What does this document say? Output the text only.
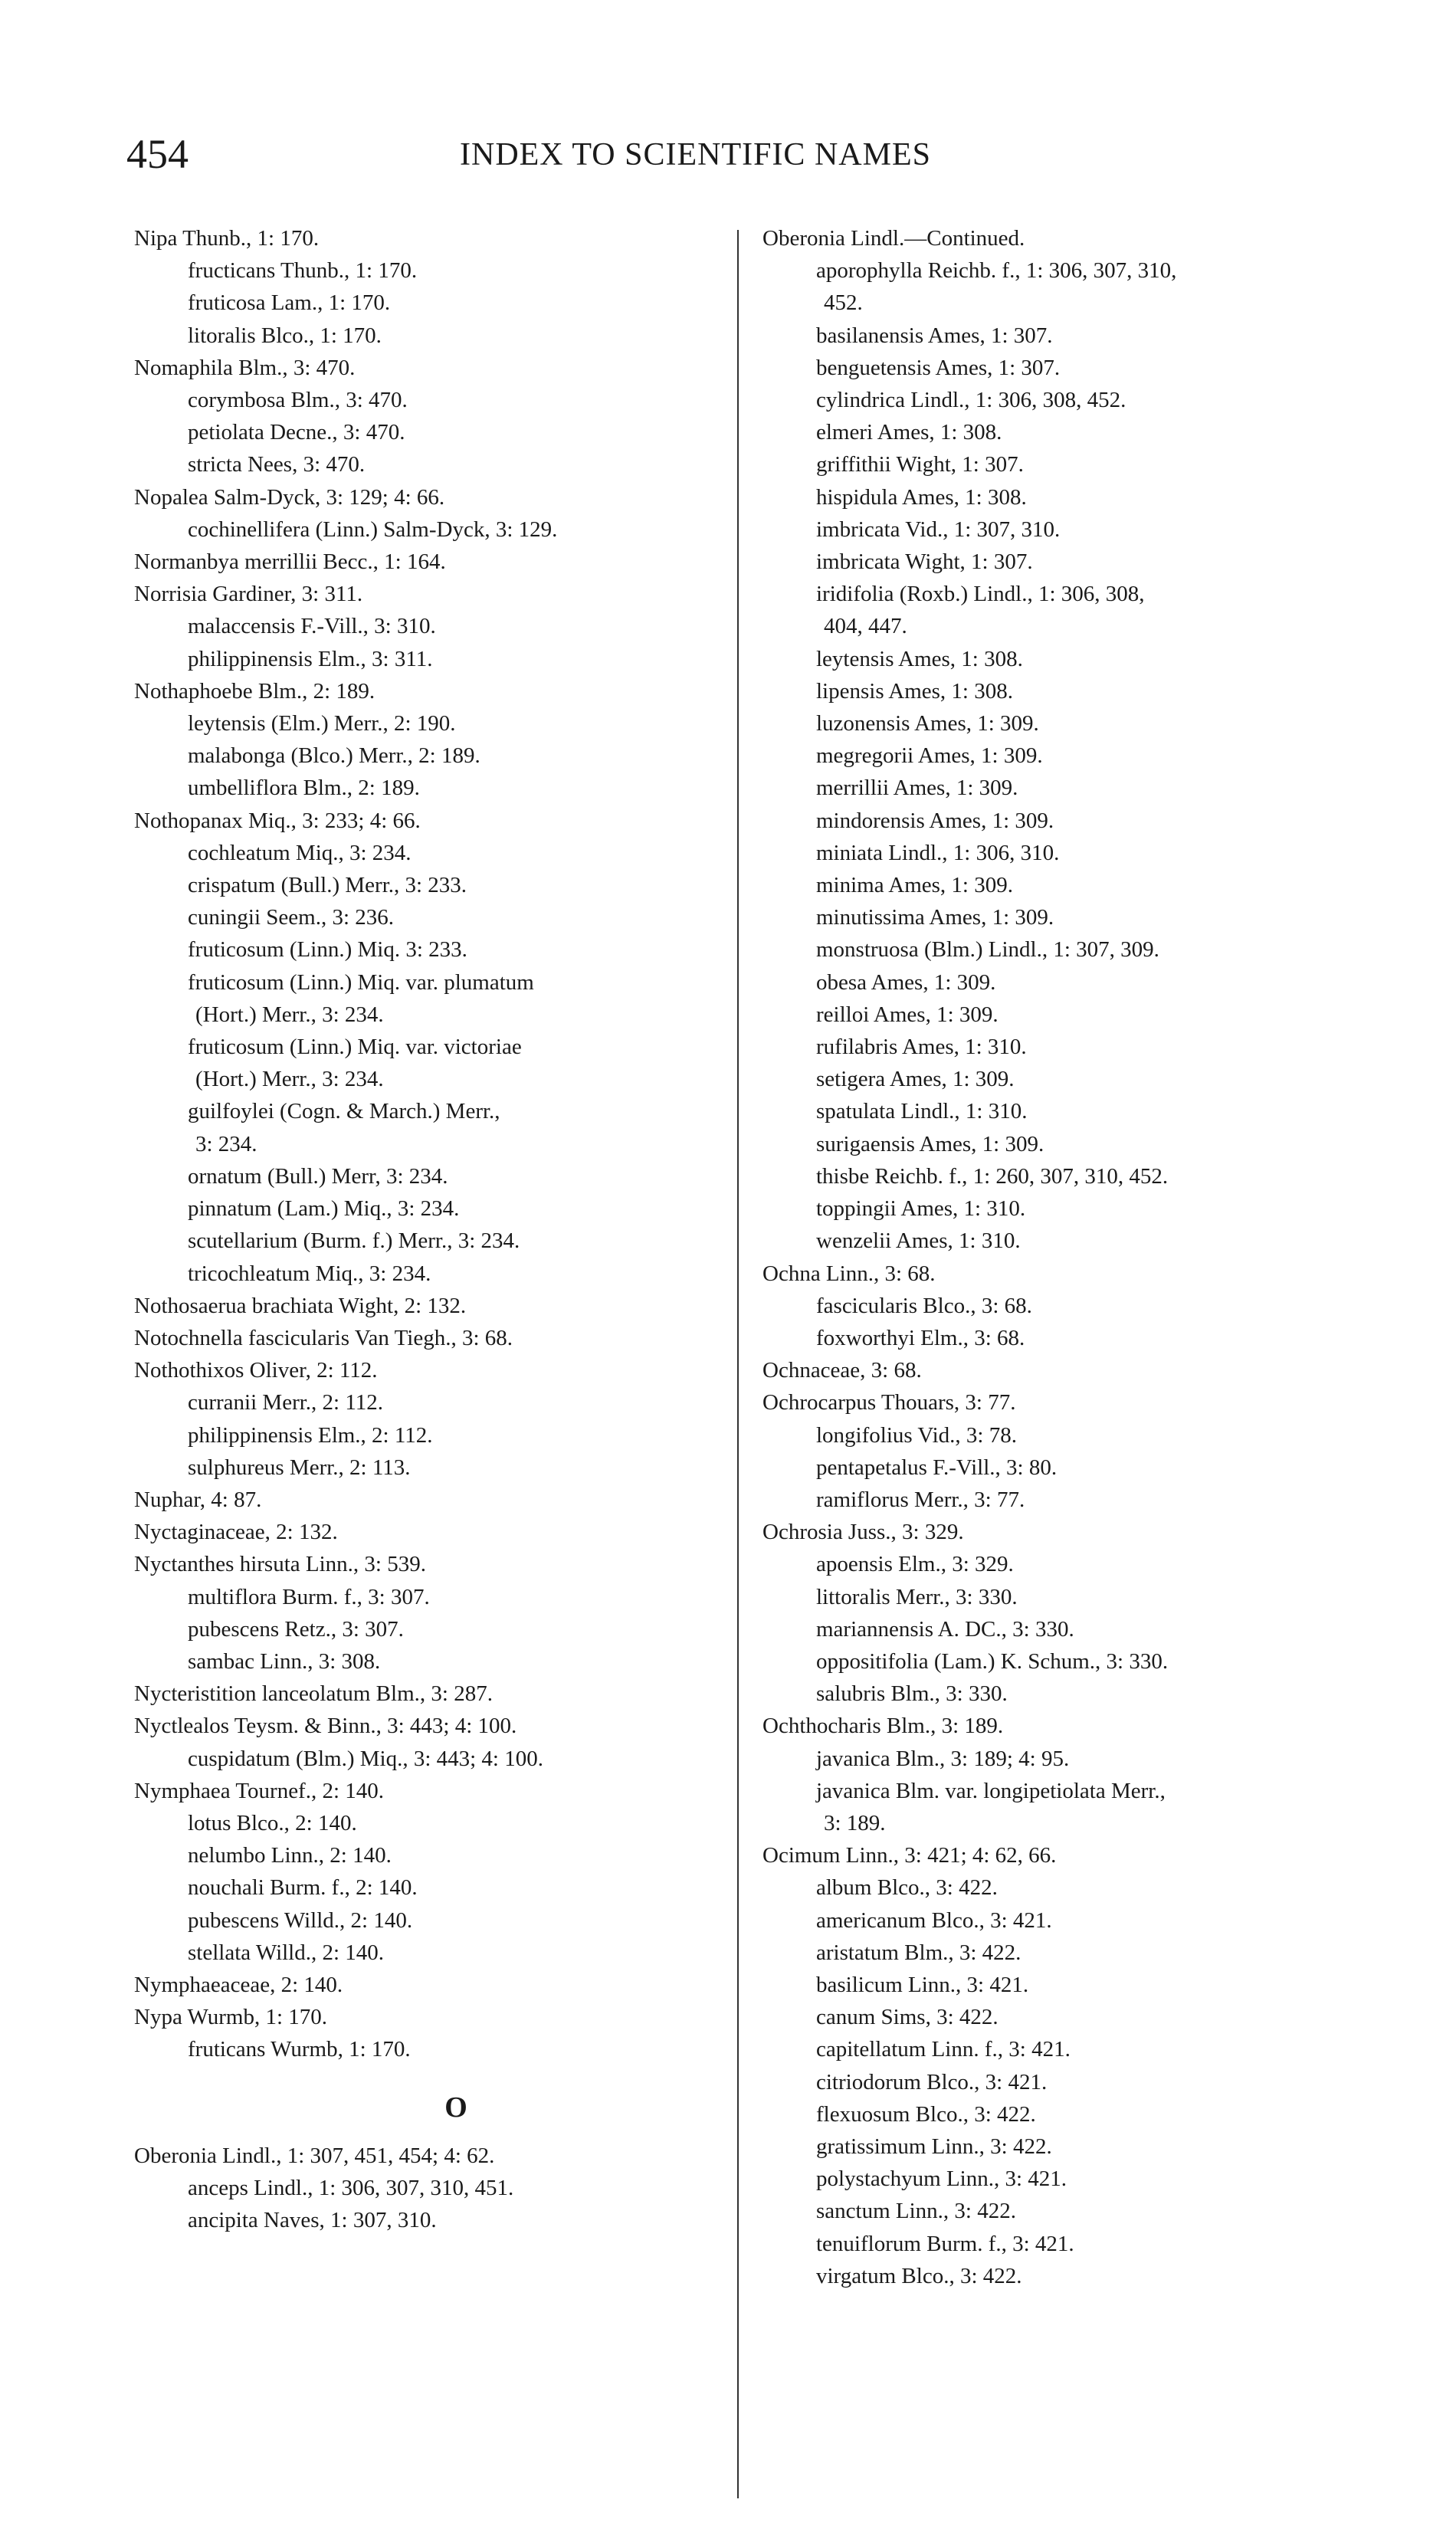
454	INDEX TO SCIENTIFIC NAMES
Nipa Thunb., 1: 170.
fructicans Thunb., 1: 170.
fruticosa Lam., 1: 170.
litoralis Blco., 1: 170.
Nomaphila Blm., 3: 470.
corymbosa Blm., 3: 470.
petiolata Decne., 3: 470.
stricta Nees, 3: 470.
Nopalea Salm-Dyck, 3: 129; 4: 66.
cochinellifera (Linn.) Salm-Dyck, 3: 129.
Normanbya merrillii Becc., 1: 164.
Norrisia Gardiner, 3: 311.
malaccensis F.-Vill., 3: 310.
philippinensis Elm., 3: 311.
Nothaphoebe Blm., 2: 189.
leytensis (Elm.) Merr., 2: 190.
malabonga (Blco.) Merr., 2: 189.
umbelliflora Blm., 2: 189.
Nothopanax Miq., 3: 233; 4: 66.
cochleatum Miq., 3: 234.
crispatum (Bull.) Merr., 3: 233.
cuningii Seem., 3: 236.
fruticosum (Linn.) Miq. 3: 233.
fruticosum (Linn.) Miq. var. plumatum
(Hort.) Merr., 3: 234.
fruticosum (Linn.) Miq. var. victoriae
(Hort.) Merr., 3: 234.
guilfoylei (Cogn. & March.) Merr.,
3: 234.
ornatum (Bull.) Merr, 3: 234.
pinnatum (Lam.) Miq., 3: 234.
scutellarium (Burm. f.) Merr., 3: 234.
tricochleatum Miq., 3: 234.
Nothosaerua brachiata Wight, 2: 132.
Notochnella fascicularis Van Tiegh., 3: 68.
Nothothixos Oliver, 2: 112.
curranii Merr., 2: 112.
philippinensis Elm., 2: 112.
sulphureus Merr., 2: 113.
Nuphar, 4: 87.
Nyctaginaceae, 2: 132.
Nyctanthes hirsuta Linn., 3: 539.
multiflora Burm. f., 3: 307.
pubescens Retz., 3: 307.
sambac Linn., 3: 308.
Nycteristition lanceolatum Blm., 3: 287.
Nyctlealos Teysm. & Binn., 3: 443; 4: 100.
cuspidatum (Blm.) Miq., 3: 443; 4: 100.
Nymphaea Tournef., 2: 140.
lotus Blco., 2: 140.
nelumbo Linn., 2: 140.
nouchali Burm. f., 2: 140.
pubescens Willd., 2: 140.
stellata Willd., 2: 140.
Nymphaeaceae, 2: 140.
Nypa Wurmb, 1: 170.
fruticans Wurmb, 1: 170.
O
Oberonia Lindl., 1: 307, 451, 454; 4: 62.
anceps Lindl., 1: 306, 307, 310, 451.
ancipita Naves, 1: 307, 310.
Oberonia Lindl.—Continued.
aporophylla Reichb. f., 1: 306, 307, 310,
452.
basilanensis Ames, 1: 307.
benguetensis Ames, 1: 307.
cylindrica Lindl., 1: 306, 308, 452.
elmeri Ames, 1: 308.
griffithii Wight, 1: 307.
hispidula Ames, 1: 308.
imbricata Vid., 1: 307, 310.
imbricata Wight, 1: 307.
iridifolia (Roxb.) Lindl., 1: 306, 308,
404, 447.
leytensis Ames, 1: 308.
lipensis Ames, 1: 308.
luzonensis Ames, 1: 309.
megregorii Ames, 1: 309.
merrillii Ames, 1: 309.
mindorensis Ames, 1: 309.
miniata Lindl., 1: 306, 310.
minima Ames, 1: 309.
minutissima Ames, 1: 309.
monstruosa (Blm.) Lindl., 1: 307, 309.
obesa Ames, 1: 309.
reilloi Ames, 1: 309.
rufilabris Ames, 1: 310.
setigera Ames, 1: 309.
spatulata Lindl., 1: 310.
surigaensis Ames, 1: 309.
thisbe Reichb. f., 1: 260, 307, 310, 452.
toppingii Ames, 1: 310.
wenzelii Ames, 1: 310.
Ochna Linn., 3: 68.
fascicularis Blco., 3: 68.
foxworthyi Elm., 3: 68.
Ochnaceae, 3: 68.
Ochrocarpus Thouars, 3: 77.
longifolius Vid., 3: 78.
pentapetalus F.-Vill., 3: 80.
ramiflorus Merr., 3: 77.
Ochrosia Juss., 3: 329.
apoensis Elm., 3: 329.
littoralis Merr., 3: 330.
mariannensis A. DC., 3: 330.
oppositifolia (Lam.) K. Schum., 3: 330.
salubris Blm., 3: 330.
Ochthocharis Blm., 3: 189.
javanica Blm., 3: 189; 4: 95.
javanica Blm. var. longipetiolata Merr.,
3: 189.
Ocimum Linn., 3: 421; 4: 62, 66.
album Blco., 3: 422.
americanum Blco., 3: 421.
aristatum Blm., 3: 422.
basilicum Linn., 3: 421.
canum Sims, 3: 422.
capitellatum Linn. f., 3: 421.
citriodorum Blco., 3: 421.
flexuosum Blco., 3: 422.
gratissimum Linn., 3: 422.
polystachyum Linn., 3: 421.
sanctum Linn., 3: 422.
tenuiflorum Burm. f., 3: 421.
virgatum Blco., 3: 422.
